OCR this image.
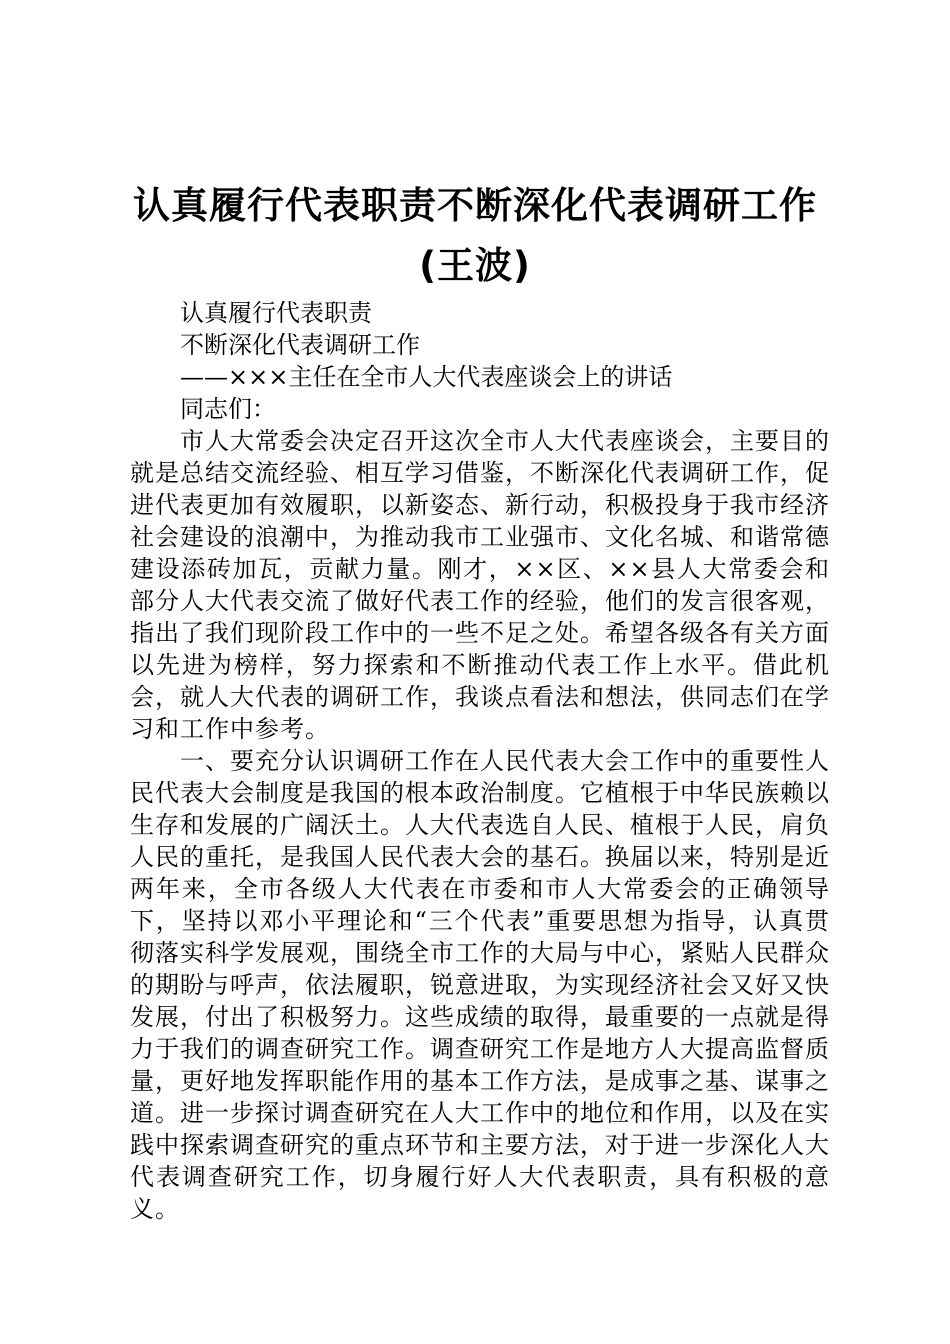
认真履行代表职责不断深化代表调研工作(王波)

认真履行代表职责

不断深化代表调研工作

——×××主任在全市人大代表座谈会上的讲话

同志们：

市人大常委会决定召开这次全市人大代表座谈会，主要目的就是总结交流经验、相互学习借鉴，不断深化代表调研工作，促进代表更加有效履职，以新姿态、新行动，积极投身于我市经济社会建设的浪潮中，为推动我市工业强市、文化名城、和谐常德建设添砖加瓦，贡献力量。刚才，××区、××县人大常委会和部分人大代表交流了做好代表工作的经验，他们的发言很客观，指出了我们现阶段工作中的一些不足之处。希望各级各有关方面以先进为榜样，努力探索和不断推动代表工作上水平。借此机会，就人大代表的调研工作，我谈点看法和想法，供同志们在学习和工作中参考。

一、要充分认识调研工作在人民代表大会工作中的重要性人民代表大会制度是我国的根本政治制度。它植根于中华民族赖以生存和发展的广阔沃土。人大代表选自人民、植根于人民，肩负人民的重托，是我国人民代表大会的基石。换届以来，特别是近两年来，全市各级人大代表在市委和市人大常委会的正确领导下，坚持以邓小平理论和“三个代表”重要思想为指导，认真贯彻落实科学发展观，围绕全市工作的大局与中心，紧贴人民群众的期盼与呼声，依法履职，锐意进取，为实现经济社会又好又快发展，付出了积极努力。这些成绩的取得，最重要的一点就是得力于我们的调查研究工作。调查研究工作是地方人大提高监督质量，更好地发挥职能作用的基本工作方法，是成事之基、谋事之道。进一步探讨调查研究在人大工作中的地位和作用，以及在实践中探索调查研究的重点环节和主要方法，对于进一步深化人大代表调查研究工作，切身履行好人大代表职责，具有积极的意义。
